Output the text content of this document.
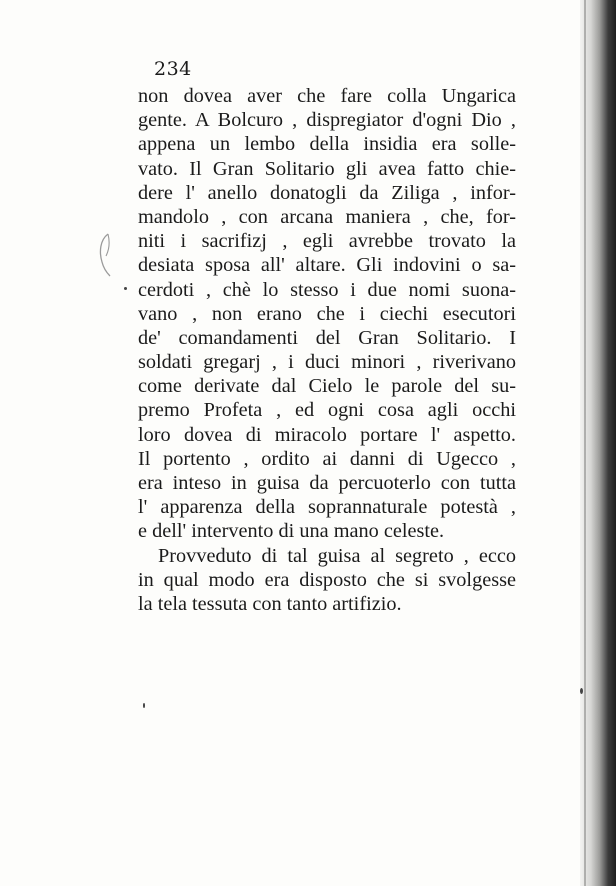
234
non dovea aver che fare colla Ungarica
gente. A Bolcuro , dispregiator d'ogni Dio ,
appena un lembo della insidia era solle-
vato. Il Gran Solitario gli avea fatto chie-
dere l' anello donatogli da Ziliga , infor-
mandolo , con arcana maniera , che, for-
niti i sacrifizj , egli avrebbe trovato la
desiata sposa all' altare. Gli indovini o sa-
cerdoti , chè lo stesso i due nomi suona-
vano , non erano che i ciechi esecutori
de' comandamenti del Gran Solitario. I
soldati gregarj , i duci minori , riverivano
come derivate dal Cielo le parole del su-
premo Profeta , ed ogni cosa agli occhi
loro dovea di miracolo portare l' aspetto.
Il portento , ordito ai danni di Ugecco ,
era inteso in guisa da percuoterlo con tutta
l' apparenza della soprannaturale potestà ,
e dell' intervento di una mano celeste.
Provveduto di tal guisa al segreto , ecco
in qual modo era disposto che si svolgesse
la tela tessuta con tanto artifizio.
